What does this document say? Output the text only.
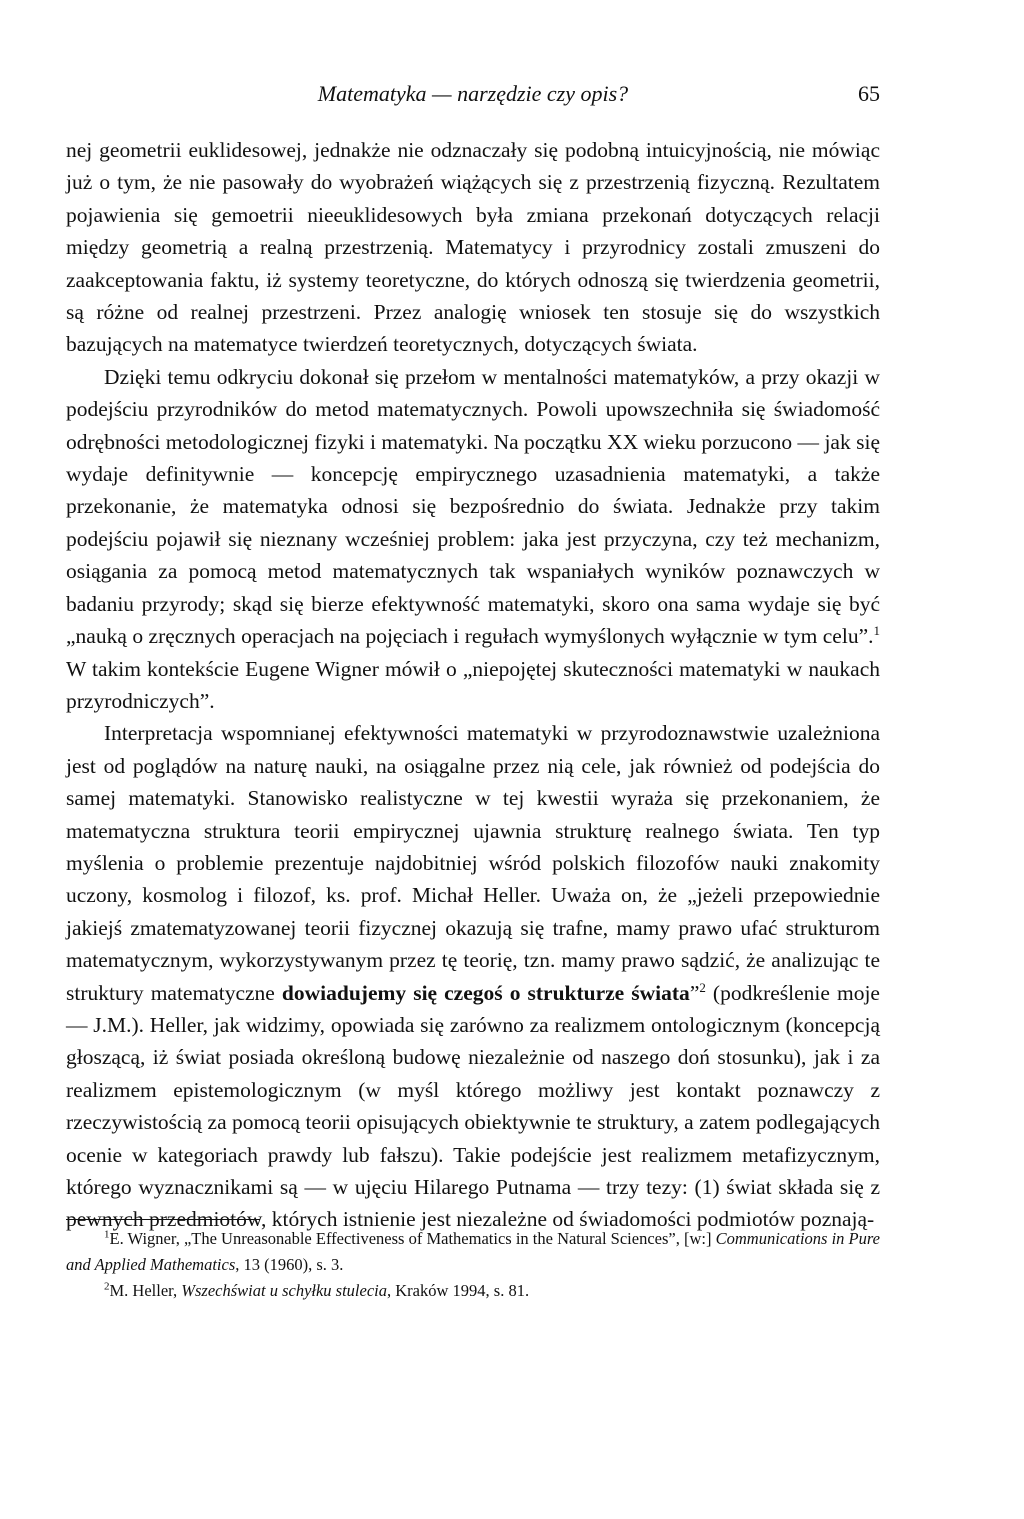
Matematyka — narzędzie czy opis?	65

nej geometrii euklidesowej, jednakże nie odznaczały się podobną intuicyjnością, nie mówiąc już o tym, że nie pasowały do wyobrażeń wiążących się z przestrzenią fizyczną. Rezultatem pojawienia się gemoetrii nieeuklidesowych była zmiana przekonań dotyczących relacji między geometrią a realną przestrzenią. Matematycy i przyrodnicy zostali zmuszeni do zaakceptowania faktu, iż systemy teoretyczne, do których odnoszą się twierdzenia geometrii, są różne od realnej przestrzeni. Przez analogię wniosek ten stosuje się do wszystkich bazujących na matematyce twierdzeń teoretycznych, dotyczących świata.

Dzięki temu odkryciu dokonał się przełom w mentalności matematyków, a przy okazji w podejściu przyrodników do metod matematycznych. Powoli upowszechniła się świadomość odrębności metodologicznej fizyki i matematyki. Na początku XX wieku porzucono — jak się wydaje definitywnie — koncepcję empirycznego uzasadnienia matematyki, a także przekonanie, że matematyka odnosi się bezpośrednio do świata. Jednakże przy takim podejściu pojawił się nieznany wcześniej problem: jaka jest przyczyna, czy też mechanizm, osiągania za pomocą metod matematycznych tak wspaniałych wyników poznawczych w badaniu przyrody; skąd się bierze efektywność matematyki, skoro ona sama wydaje się być „nauką o zręcznych operacjach na pojęciach i regułach wymyślonych wyłącznie w tym celu”.$^1$ W takim kontekście Eugene Wigner mówił o „niepojętej skuteczności matematyki w naukach przyrodniczych”.

Interpretacja wspomnianej efektywności matematyki w przyrodoznawstwie uzależniona jest od poglądów na naturę nauki, na osiągalne przez nią cele, jak również od podejścia do samej matematyki. Stanowisko realistyczne w tej kwestii wyraża się przekonaniem, że matematyczna struktura teorii empirycznej ujawnia strukturę realnego świata. Ten typ myślenia o problemie prezentuje najdobitniej wśród polskich filozofów nauki znakomity uczony, kosmolog i filozof, ks. prof. Michał Heller. Uważa on, że „jeżeli przepowiednie jakiejś zmatematyzowanej teorii fizycznej okazują się trafne, mamy prawo ufać strukturom matematycznym, wykorzystywanym przez tę teorię, tzn. mamy prawo sądzić, że analizując te struktury matematyczne dowiadujemy się czegoś o strukturze świata”$^2$ (podkreślenie moje — J.M.). Heller, jak widzimy, opowiada się zarówno za realizmem ontologicznym (koncepcją głoszącą, iż świat posiada określoną budowę niezależnie od naszego doń stosunku), jak i za realizmem epistemologicznym (w myśl którego możliwy jest kontakt poznawczy z rzeczywistością za pomocą teorii opisujących obiektywnie te struktury, a zatem podlegających ocenie w kategoriach prawdy lub fałszu). Takie podejście jest realizmem metafizycznym, którego wyznacznikami są — w ujęciu Hilarego Putnama — trzy tezy: (1) świat składa się z pewnych przedmiotów, których istnienie jest niezależne od świadomości podmiotów poznają-

$^1$E. Wigner, „The Unreasonable Effectiveness of Mathematics in the Natural Sciences”, [w:] Communications in Pure and Applied Mathematics, 13 (1960), s. 3.

$^2$M. Heller, Wszechświat u schyłku stulecia, Kraków 1994, s. 81.
